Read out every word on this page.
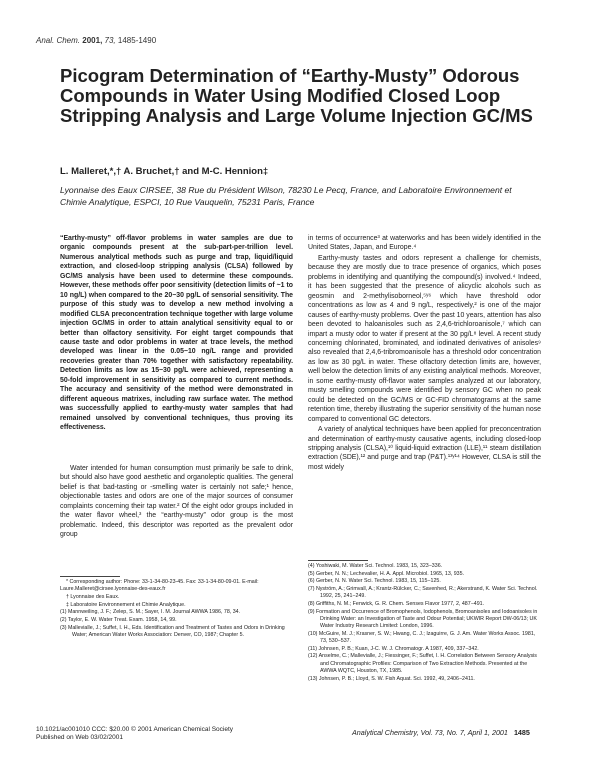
Anal. Chem. 2001, 73, 1485-1490
Picogram Determination of “Earthy-Musty” Odorous Compounds in Water Using Modified Closed Loop Stripping Analysis and Large Volume Injection GC/MS
L. Malleret,*,† A. Bruchet,† and M-C. Hennion‡
Lyonnaise des Eaux CIRSEE, 38 Rue du Président Wilson, 78230 Le Pecq, France, and Laboratoire Environnement et Chimie Analytique, ESPCI, 10 Rue Vauquelin, 75231 Paris, France

“Earthy-musty” off-flavor problems in water samples are due to organic compounds present at the sub-part-per-trillion level. Numerous analytical methods such as purge and trap, liquid/liquid extraction, and closed-loop stripping analysis (CLSA) followed by GC/MS analysis have been used to determine these compounds. However, these methods offer poor sensitivity (detection limits of ~1 to 10 ng/L) when compared to the 20−30 pg/L of sensorial sensitivity. The purpose of this study was to develop a new method involving a modified CLSA preconcentration technique together with large volume injection GC/MS in order to attain analytical sensitivity equal to or better than olfactory sensitivity. For eight target compounds that cause taste and odor problems in water at trace levels, the method developed was linear in the 0.05−10 ng/L range and provided recoveries greater than 70% together with satisfactory repeatability. Detection limits as low as 15−30 pg/L were achieved, representing a 50-fold improvement in sensitivity as compared to current methods. The accuracy and sensitivity of the method were demonstrated in different aqueous matrixes, including raw surface water. The method was successfully applied to earthy-musty water samples that had remained unsolved by conventional techniques, thus proving its effectiveness.

Water intended for human consumption must primarily be safe to drink, but should also have good aesthetic and organoleptic qualities. The general belief is that bad-tasting or -smelling water is certainly not safe;¹ hence, objectionable tastes and odors are one of the major sources of consumer complaints concerning their tap water.² Of the eight odor groups included in the water flavor wheel,³ the “earthy-musty” odor group is the most problematic. Indeed, this descriptor was reported as the prevalent odor group

in terms of occurrence³ at waterworks and has been widely identified in the United States, Japan, and Europe.⁴

Earthy-musty tastes and odors represent a challenge for chemists, because they are mostly due to trace presence of organics, which poses problems in identifying and quantifying the compound(s) involved.⁴ Indeed, it has been suggested that the presence of alicyclic alcohols such as geosmin and 2-methylisoborneol,⁵ʸ⁶ which have threshold odor concentrations as low as 4 and 9 ng/L, respectively,² is one of the major causes of earthy-musty problems. Over the past 10 years, attention has also been devoted to haloanisoles such as 2,4,6-trichloroanisole,⁷ which can impart a musty odor to water if present at the 30 pg/L⁸ level. A recent study concerning chlorinated, brominated, and iodinated derivatives of anisoles⁹ also revealed that 2,4,6-tribromoanisole has a threshold odor concentration as low as 30 pg/L in water. These olfactory detection limits are, however, well below the detection limits of any existing analytical methods. Moreover, in some earthy-musty off-flavor water samples analyzed at our laboratory, musty smelling compounds were identified by sensory GC when no peak could be detected on the GC/MS or GC-FID chromatograms at the same retention time, thereby illustrating the superior sensitivity of the human nose compared to conventional GC detectors.

A variety of analytical techniques have been applied for preconcentration and determination of earthy-musty causative agents, including closed-loop stripping analysis (CLSA),¹⁰ liquid-liquid extraction (LLE),¹¹ steam distillation extraction (SDE),¹² and purge and trap (P&T).¹³ʸ¹⁴ However, CLSA is still the most widely

* Corresponding author: Phone: 33-1-34-80-23-45. Fax: 33-1-34-80-09-01. E-mail: Laure.Malleret@cirsee.lyonnaise-des-eaux.fr

† Lyonnaise des Eaux.

‡ Laboratoire Environnement et Chimie Analytique.

(1) Mannweiling, J. F.; Zelep, S. M.; Sayer, I. M. Journal AWWA 1986, 78, 34.

(2) Taylor, E. W. Water Treat. Exam. 1958, 14, 99.

(3) Mallevialle, J.; Suffet, I. H., Eds. Identification and Treatment of Tastes and Odors in Drinking Water; American Water Works Association: Denver, CO, 1987; Chapter 5.

(4) Yoshiwaki, M. Water Sci. Technol. 1983, 15, 323−336.

(5) Gerber, N. N.; Lechevalier, H. A. Appl. Microbiol. 1965, 13, 935.

(6) Gerber, N. N. Water Sci. Technol. 1983, 15, 115−125.

(7) Nyström, A.; Grimvall, A.; Krantz-Rülcker, C.; Savenhed, R.; Akerstrand, K. Water Sci. Technol. 1992, 25, 241−249.

(8) Griffiths, N. M.; Fenwick, G. R. Chem. Senses Flavor 1977, 2, 487−491.

(9) Formation and Occurrence of Bromophenols, Iodophenols, Bromoanisoles and Iodoanisoles in Drinking Water: an Investigation of Taste and Odour Potential; UKWIR Report DW-06/13; UK Water Industry Research Limited: London, 1996.

(10) McGuire, M. J.; Krasner, S. W.; Hwang, C. J.; Izaguirre, G. J. Am. Water Works Assoc. 1981, 73, 530−537.

(11) Johnsen, P. B.; Kuan, J-C. W. J. Chromatogr. A 1987, 409, 337−342.

(12) Anselme, C.; Mallevialle, J.; Fiessinger, F.; Suffet, I. H. Correlation Between Sensory Analysis and Chromatographic Profiles: Comparison of Two Extraction Methods. Presented at the AWWA WQTC, Houston, TX, 1985.

(13) Johnsen, P. B.; Lloyd, S. W. Fish Aquat. Sci. 1992, 49, 2406−2411.

10.1021/ac001010 CCC: $20.00 © 2001 American Chemical Society
Published on Web 03/02/2001
Analytical Chemistry, Vol. 73, No. 7, April 1, 2001 1485
